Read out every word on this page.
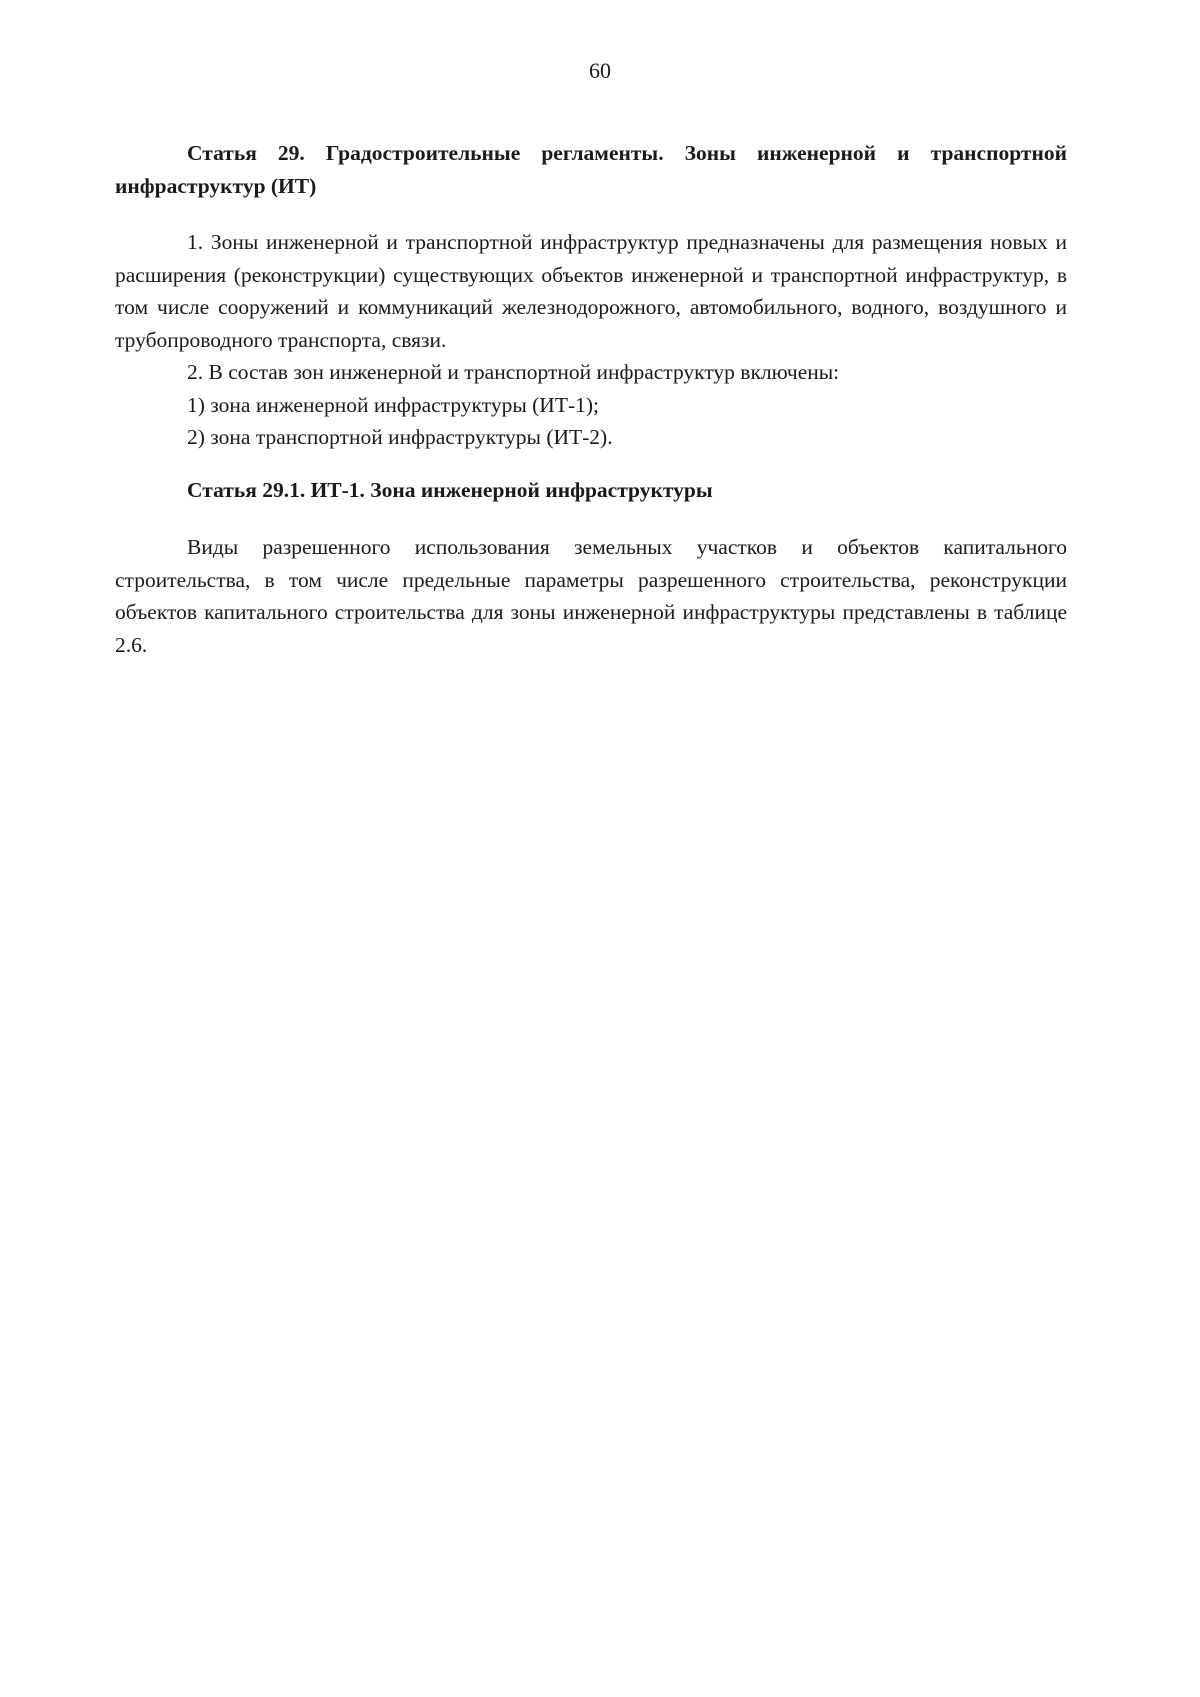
60
Статья 29. Градостроительные регламенты. Зоны инженерной и транспортной инфраструктур (ИТ)

1. Зоны инженерной и транспортной инфраструктур предназначены для размещения новых и расширения (реконструкции) существующих объектов инженерной и транспортной инфраструктур, в том числе сооружений и коммуникаций железнодорожного, автомобильного, водного, воздушного и трубопроводного транспорта, связи.

2. В состав зон инженерной и транспортной инфраструктур включены:

1) зона инженерной инфраструктуры (ИТ-1);

2) зона транспортной инфраструктуры (ИТ-2).

Статья 29.1. ИТ-1. Зона инженерной инфраструктуры

Виды разрешенного использования земельных участков и объектов капитального строительства, в том числе предельные параметры разрешенного строительства, реконструкции объектов капитального строительства для зоны инженерной инфраструктуры представлены в таблице 2.6.
